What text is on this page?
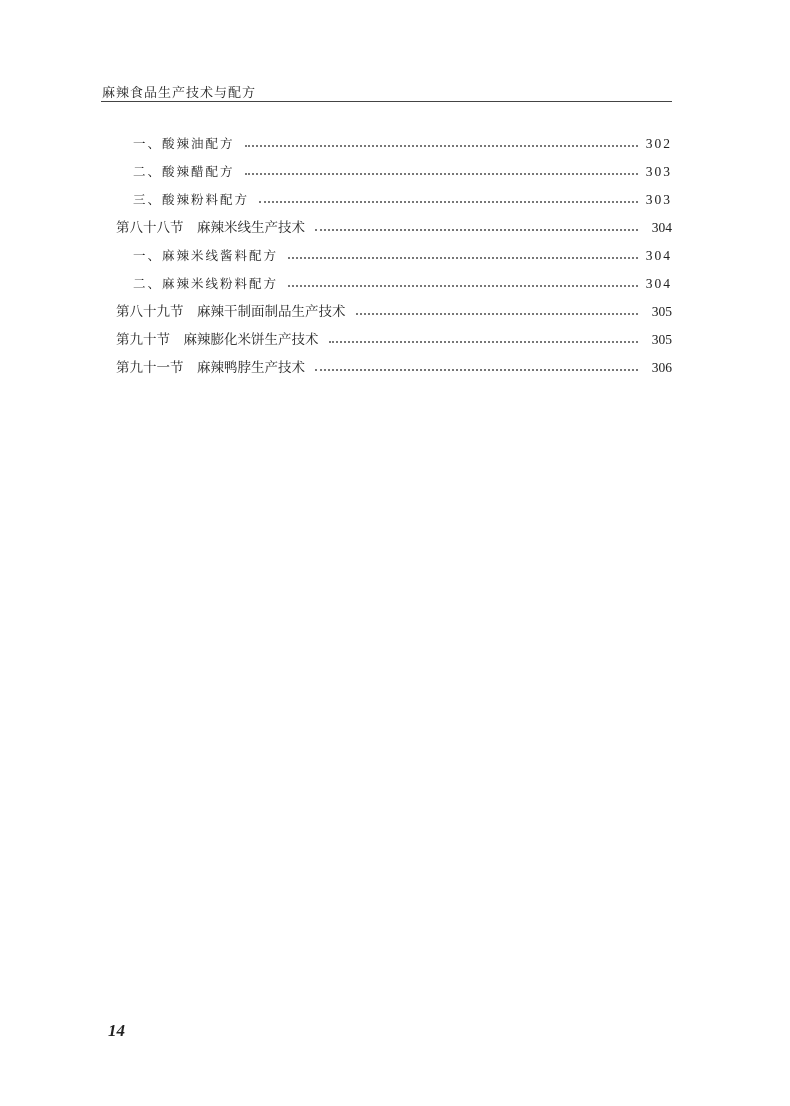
麻辣食品生产技术与配方
一、酸辣油配方	302
二、酸辣醋配方	303
三、酸辣粉料配方	303
第八十八节　麻辣米线生产技术	304
一、麻辣米线酱料配方	304
二、麻辣米线粉料配方	304
第八十九节　麻辣干制面制品生产技术	305
第九十节　麻辣膨化米饼生产技术	305
第九十一节　麻辣鸭脖生产技术	306
14
